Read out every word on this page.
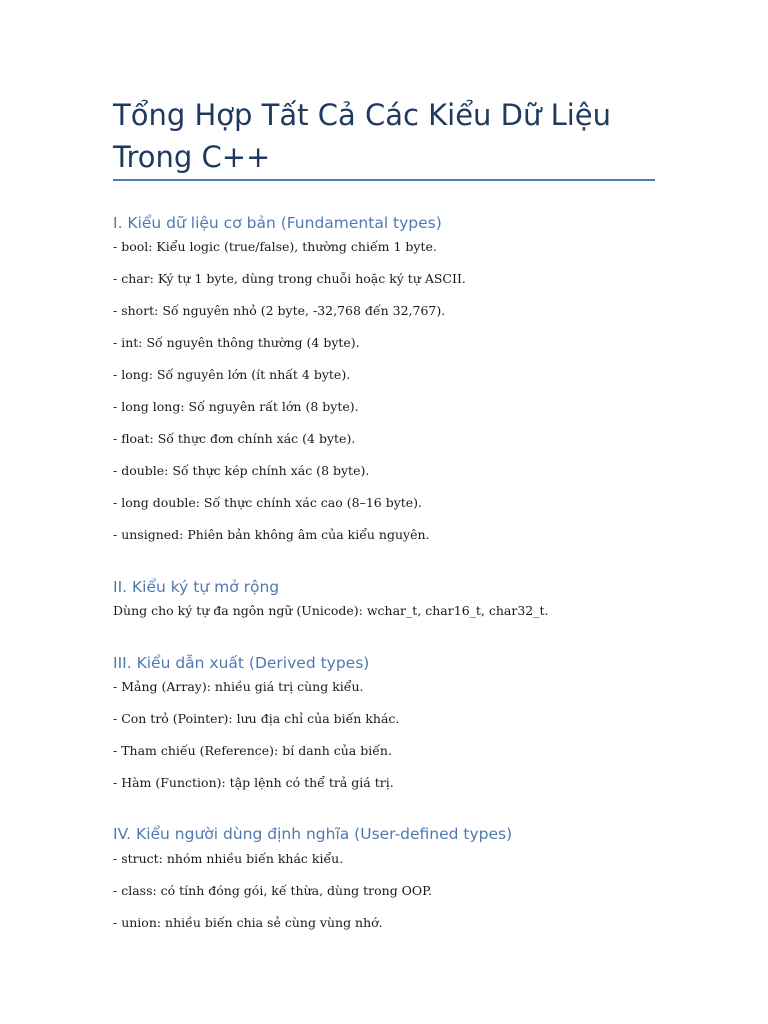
Tổng Hợp Tất Cả Các Kiểu Dữ Liệu Trong C++
I. Kiểu dữ liệu cơ bản (Fundamental types)

- bool: Kiểu logic (true/false), thường chiếm 1 byte.

- char: Ký tự 1 byte, dùng trong chuỗi hoặc ký tự ASCII.

- short: Số nguyên nhỏ (2 byte, -32,768 đến 32,767).

- int: Số nguyên thông thường (4 byte).

- long: Số nguyên lớn (ít nhất 4 byte).

- long long: Số nguyên rất lớn (8 byte).

- float: Số thực đơn chính xác (4 byte).

- double: Số thực kép chính xác (8 byte).

- long double: Số thực chính xác cao (8–16 byte).

- unsigned: Phiên bản không âm của kiểu nguyên.

II. Kiểu ký tự mở rộng

Dùng cho ký tự đa ngôn ngữ (Unicode): wchar_t, char16_t, char32_t.

III. Kiểu dẫn xuất (Derived types)

- Mảng (Array): nhiều giá trị cùng kiểu.

- Con trỏ (Pointer): lưu địa chỉ của biến khác.

- Tham chiếu (Reference): bí danh của biến.

- Hàm (Function): tập lệnh có thể trả giá trị.

IV. Kiểu người dùng định nghĩa (User-defined types)

- struct: nhóm nhiều biến khác kiểu.

- class: có tính đóng gói, kế thừa, dùng trong OOP.

- union: nhiều biến chia sẻ cùng vùng nhớ.
